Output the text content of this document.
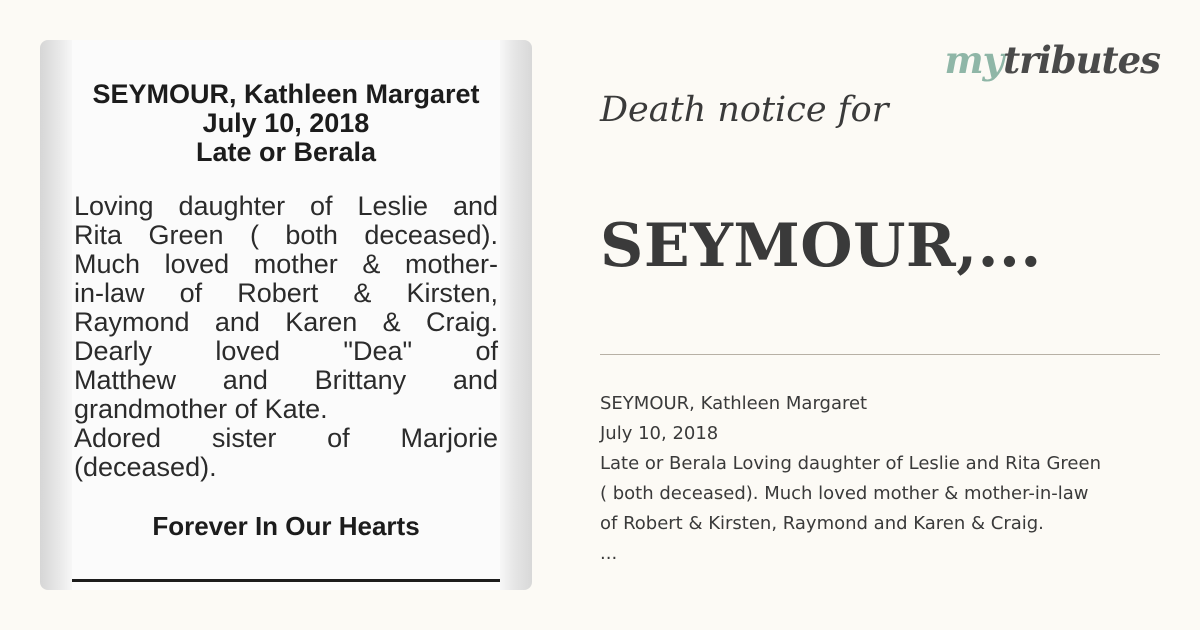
SEYMOUR, Kathleen Margaret
July 10, 2018
Late or Berala
Loving daughter of Leslie and
Rita Green ( both deceased).
Much loved mother & mother-
in-law of Robert & Kirsten,
Raymond and Karen & Craig.
Dearly loved "Dea" of
Matthew and Brittany and
grandmother of Kate.
Adored sister of Marjorie
(deceased).
Forever In Our Hearts
mytributes
Death notice for
SEYMOUR,...
SEYMOUR, Kathleen Margaret
July 10, 2018
Late or Berala Loving daughter of Leslie and Rita Green
( both deceased). Much loved mother & mother-in-law
of Robert & Kirsten, Raymond and Karen & Craig.
...
